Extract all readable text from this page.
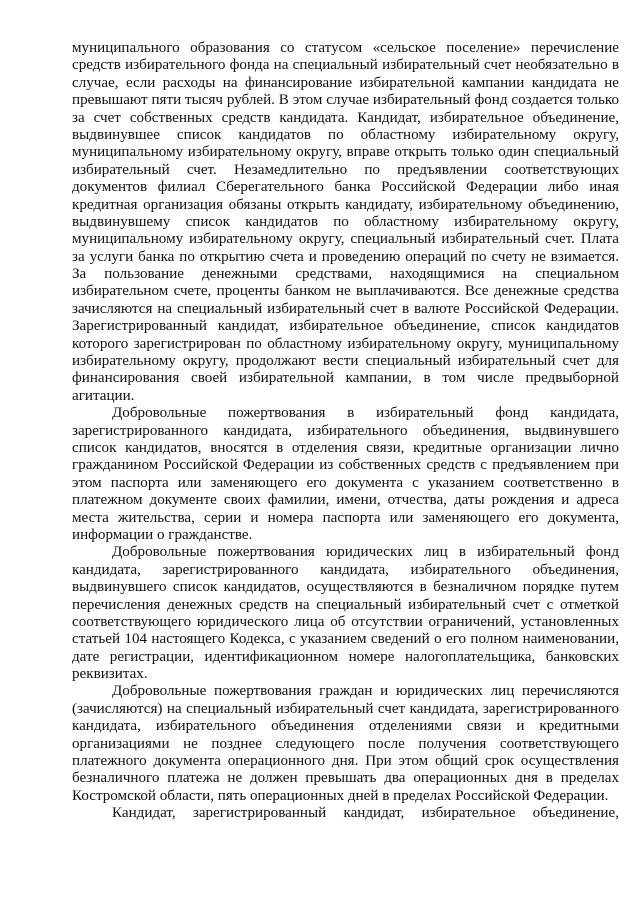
муниципального образования со статусом «сельское поселение» перечисление
средств избирательного фонда на специальный избирательный счет необязательно в
случае, если расходы на финансирование избирательной кампании кандидата не
превышают пяти тысяч рублей. В этом случае избирательный фонд создается только
за счет собственных средств кандидата. Кандидат, избирательное объединение,
выдвинувшее список кандидатов по областному избирательному округу,
муниципальному избирательному округу, вправе открыть только один специальный
избирательный счет. Незамедлительно по предъявлении соответствующих
документов филиал Сберегательного банка Российской Федерации либо иная
кредитная организация обязаны открыть кандидату, избирательному объединению,
выдвинувшему список кандидатов по областному избирательному округу,
муниципальному избирательному округу, специальный избирательный счет. Плата
за услуги банка по открытию счета и проведению операций по счету не взимается.
За пользование денежными средствами, находящимися на специальном
избирательном счете, проценты банком не выплачиваются. Все денежные средства
зачисляются на специальный избирательный счет в валюте Российской Федерации.
Зарегистрированный кандидат, избирательное объединение, список кандидатов
которого зарегистрирован по областному избирательному округу, муниципальному
избирательному округу, продолжают вести специальный избирательный счет для
финансирования своей избирательной кампании, в том числе предвыборной
агитации.
Добровольные пожертвования в избирательный фонд кандидата,
зарегистрированного кандидата, избирательного объединения, выдвинувшего
список кандидатов, вносятся в отделения связи, кредитные организации лично
гражданином Российской Федерации из собственных средств с предъявлением при
этом паспорта или заменяющего его документа с указанием соответственно в
платежном документе своих фамилии, имени, отчества, даты рождения и адреса
места жительства, серии и номера паспорта или заменяющего его документа,
информации о гражданстве.
Добровольные пожертвования юридических лиц в избирательный фонд
кандидата, зарегистрированного кандидата, избирательного объединения,
выдвинувшего список кандидатов, осуществляются в безналичном порядке путем
перечисления денежных средств на специальный избирательный счет с отметкой
соответствующего юридического лица об отсутствии ограничений, установленных
статьей 104 настоящего Кодекса, с указанием сведений о его полном наименовании,
дате регистрации, идентификационном номере налогоплательщика, банковских
реквизитах.
Добровольные пожертвования граждан и юридических лиц перечисляются
(зачисляются) на специальный избирательный счет кандидата, зарегистрированного
кандидата, избирательного объединения отделениями связи и кредитными
организациями не позднее следующего после получения соответствующего
платежного документа операционного дня. При этом общий срок осуществления
безналичного платежа не должен превышать два операционных дня в пределах
Костромской области, пять операционных дней в пределах Российской Федерации.
Кандидат, зарегистрированный кандидат, избирательное объединение,
